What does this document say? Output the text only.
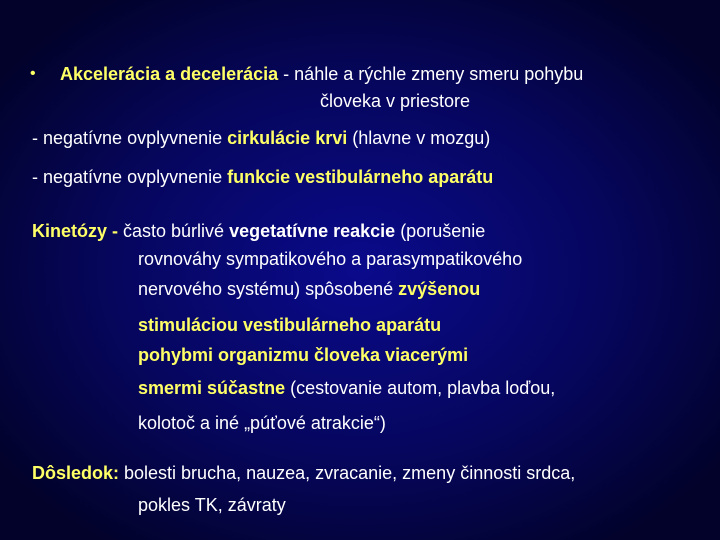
• Akcelerácia a decelerácia - náhle a rýchle zmeny smeru pohybu
človeka v priestore
- negatívne ovplyvnenie cirkulácie krvi (hlavne v mozgu)
- negatívne ovplyvnenie funkcie vestibulárneho aparátu
Kinetózy - často búrlivé vegetatívne reakcie (porušenie
rovnováhy sympatikového a parasympatikového
nervového systému) spôsobené zvýšenou
stimuláciou vestibulárneho aparátu
pohybmi organizmu človeka viacerými
smermi súčastne (cestovanie autom, plavba loďou,
kolotoč a iné „púťové atrakcie“)
Dôsledok: bolesti brucha, nauzea, zvracanie, zmeny činnosti srdca,
pokles TK, závraty
